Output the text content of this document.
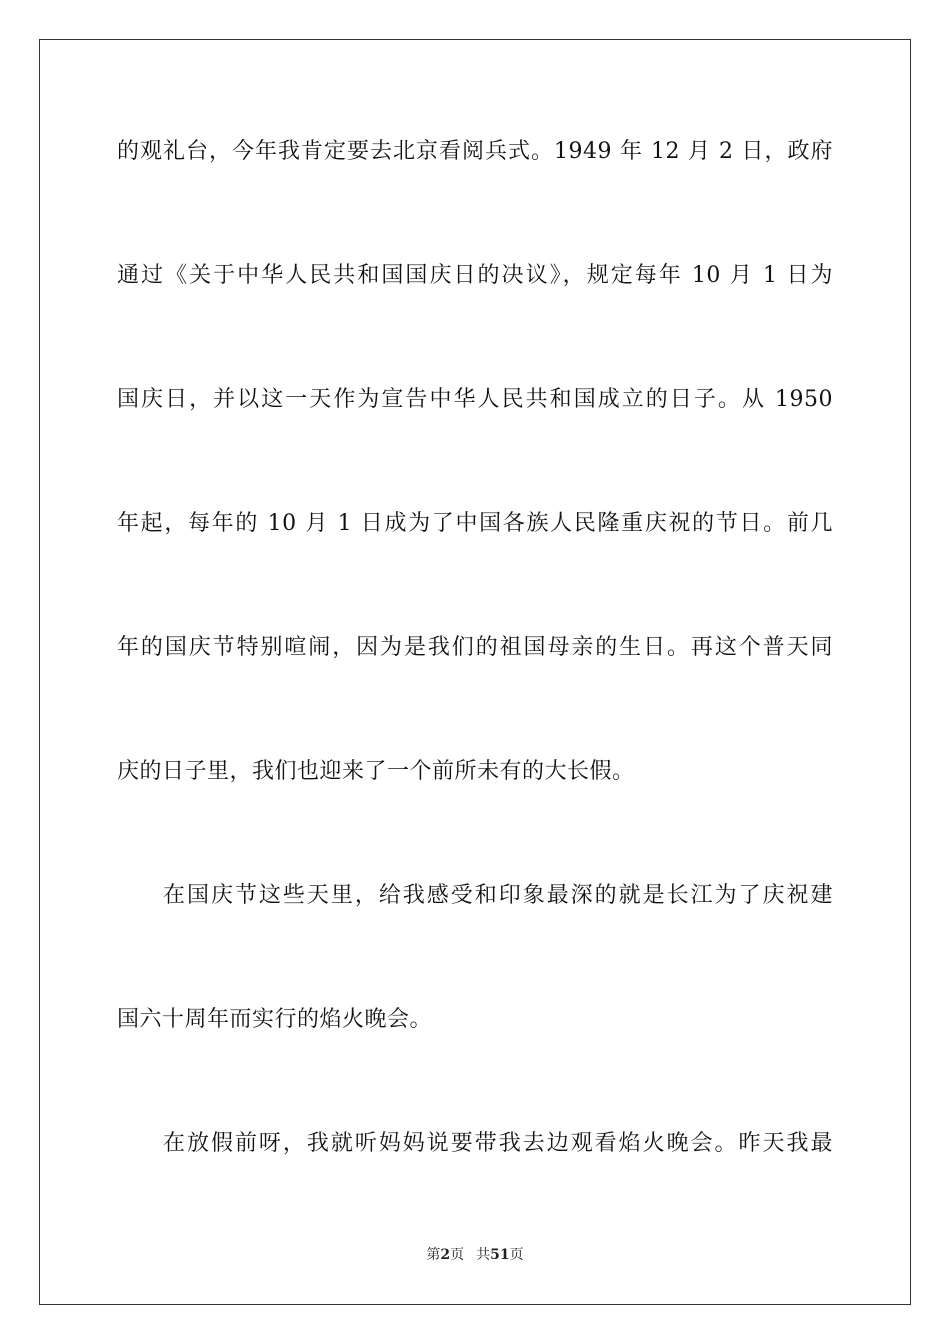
的观礼台，今年我肯定要去北京看阅兵式。1949 年 12 月 2 日，政府
通过《关于中华人民共和国国庆日的决议》，规定每年 10 月 1 日为
国庆日，并以这一天作为宣告中华人民共和国成立的日子。从 1950
年起，每年的 10 月 1 日成为了中国各族人民隆重庆祝的节日。前几
年的国庆节特别喧闹，因为是我们的祖国母亲的生日。再这个普天同
庆的日子里，我们也迎来了一个前所未有的大长假。
在国庆节这些天里，给我感受和印象最深的就是长江为了庆祝建
国六十周年而实行的焰火晚会。
在放假前呀，我就听妈妈说要带我去边观看焰火晚会。昨天我最
第2页 共51页
